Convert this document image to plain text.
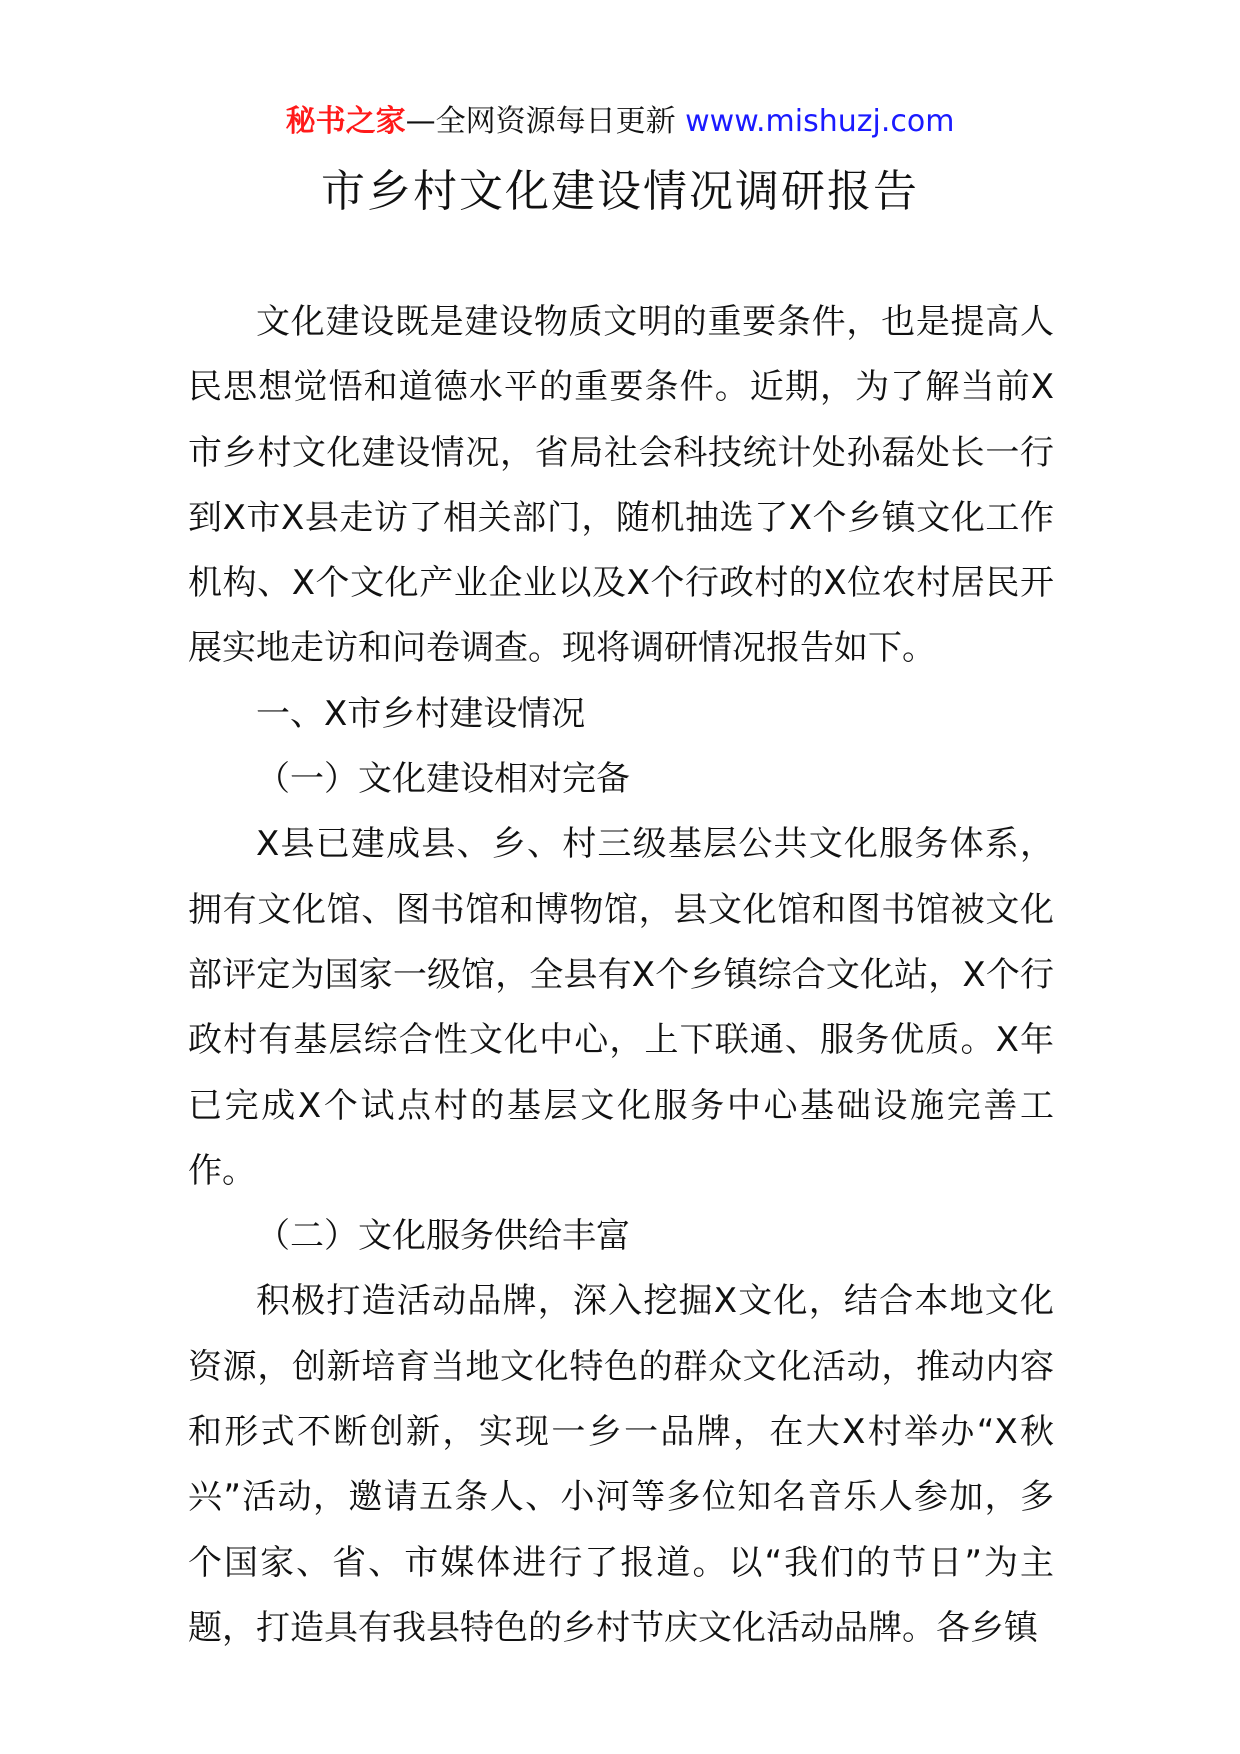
秘书之家—全网资源每日更新 www.mishuzj.com
市乡村文化建设情况调研报告

文化建设既是建设物质文明的重要条件，也是提高人民思想觉悟和道德水平的重要条件。近期，为了解当前X市乡村文化建设情况，省局社会科技统计处孙磊处长一行到X市X县走访了相关部门，随机抽选了X个乡镇文化工作机构、X个文化产业企业以及X个行政村的X位农村居民开展实地走访和问卷调查。现将调研情况报告如下。

一、X市乡村建设情况

（一）文化建设相对完备

X县已建成县、乡、村三级基层公共文化服务体系，拥有文化馆、图书馆和博物馆，县文化馆和图书馆被文化部评定为国家一级馆，全县有X个乡镇综合文化站，X个行政村有基层综合性文化中心，上下联通、服务优质。X年已完成X个试点村的基层文化服务中心基础设施完善工作。

（二）文化服务供给丰富

积极打造活动品牌，深入挖掘X文化，结合本地文化资源，创新培育当地文化特色的群众文化活动，推动内容和形式不断创新，实现一乡一品牌，在大X村举办“X秋兴”活动，邀请五条人、小河等多位知名音乐人参加，多个国家、省、市媒体进行了报道。以“我们的节日”为主题，打造具有我县特色的乡村节庆文化活动品牌。各乡镇
